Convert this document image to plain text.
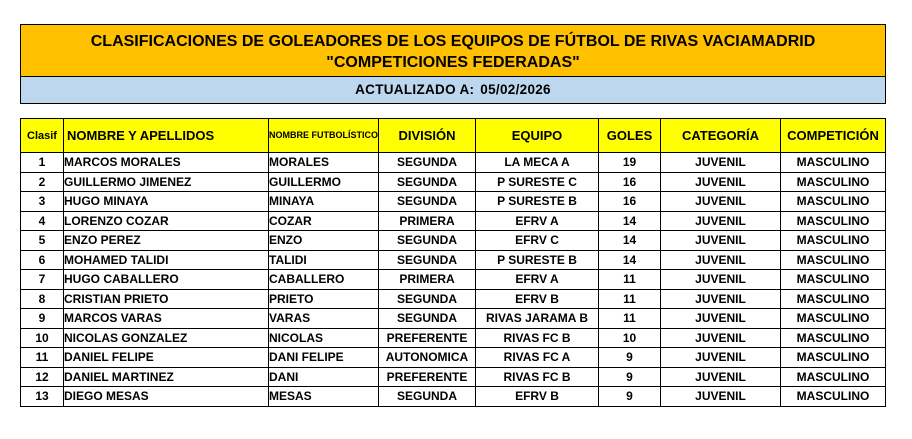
CLASIFICACIONES DE GOLEADORES DE LOS EQUIPOS DE FÚTBOL DE RIVAS VACIAMADRID
"COMPETICIONES FEDERADAS"
ACTUALIZADO A: 05/02/2026
Clasif	NOMBRE Y APELLIDOS	NOMBRE FUTBOLÍSTICO	DIVISIÓN	EQUIPO	GOLES	CATEGORÍA	COMPETICIÓN
1	MARCOS MORALES	MORALES	SEGUNDA	LA MECA A	19	JUVENIL	MASCULINO
2	GUILLERMO JIMENEZ	GUILLERMO	SEGUNDA	P SURESTE C	16	JUVENIL	MASCULINO
3	HUGO MINAYA	MINAYA	SEGUNDA	P SURESTE B	16	JUVENIL	MASCULINO
4	LORENZO COZAR	COZAR	PRIMERA	EFRV A	14	JUVENIL	MASCULINO
5	ENZO PEREZ	ENZO	SEGUNDA	EFRV C	14	JUVENIL	MASCULINO
6	MOHAMED TALIDI	TALIDI	SEGUNDA	P SURESTE B	14	JUVENIL	MASCULINO
7	HUGO CABALLERO	CABALLERO	PRIMERA	EFRV A	11	JUVENIL	MASCULINO
8	CRISTIAN PRIETO	PRIETO	SEGUNDA	EFRV B	11	JUVENIL	MASCULINO
9	MARCOS VARAS	VARAS	SEGUNDA	RIVAS JARAMA B	11	JUVENIL	MASCULINO
10	NICOLAS GONZALEZ	NICOLAS	PREFERENTE	RIVAS FC B	10	JUVENIL	MASCULINO
11	DANIEL FELIPE	DANI FELIPE	AUTONOMICA	RIVAS FC A	9	JUVENIL	MASCULINO
12	DANIEL MARTINEZ	DANI	PREFERENTE	RIVAS FC B	9	JUVENIL	MASCULINO
13	DIEGO MESAS	MESAS	SEGUNDA	EFRV B	9	JUVENIL	MASCULINO
